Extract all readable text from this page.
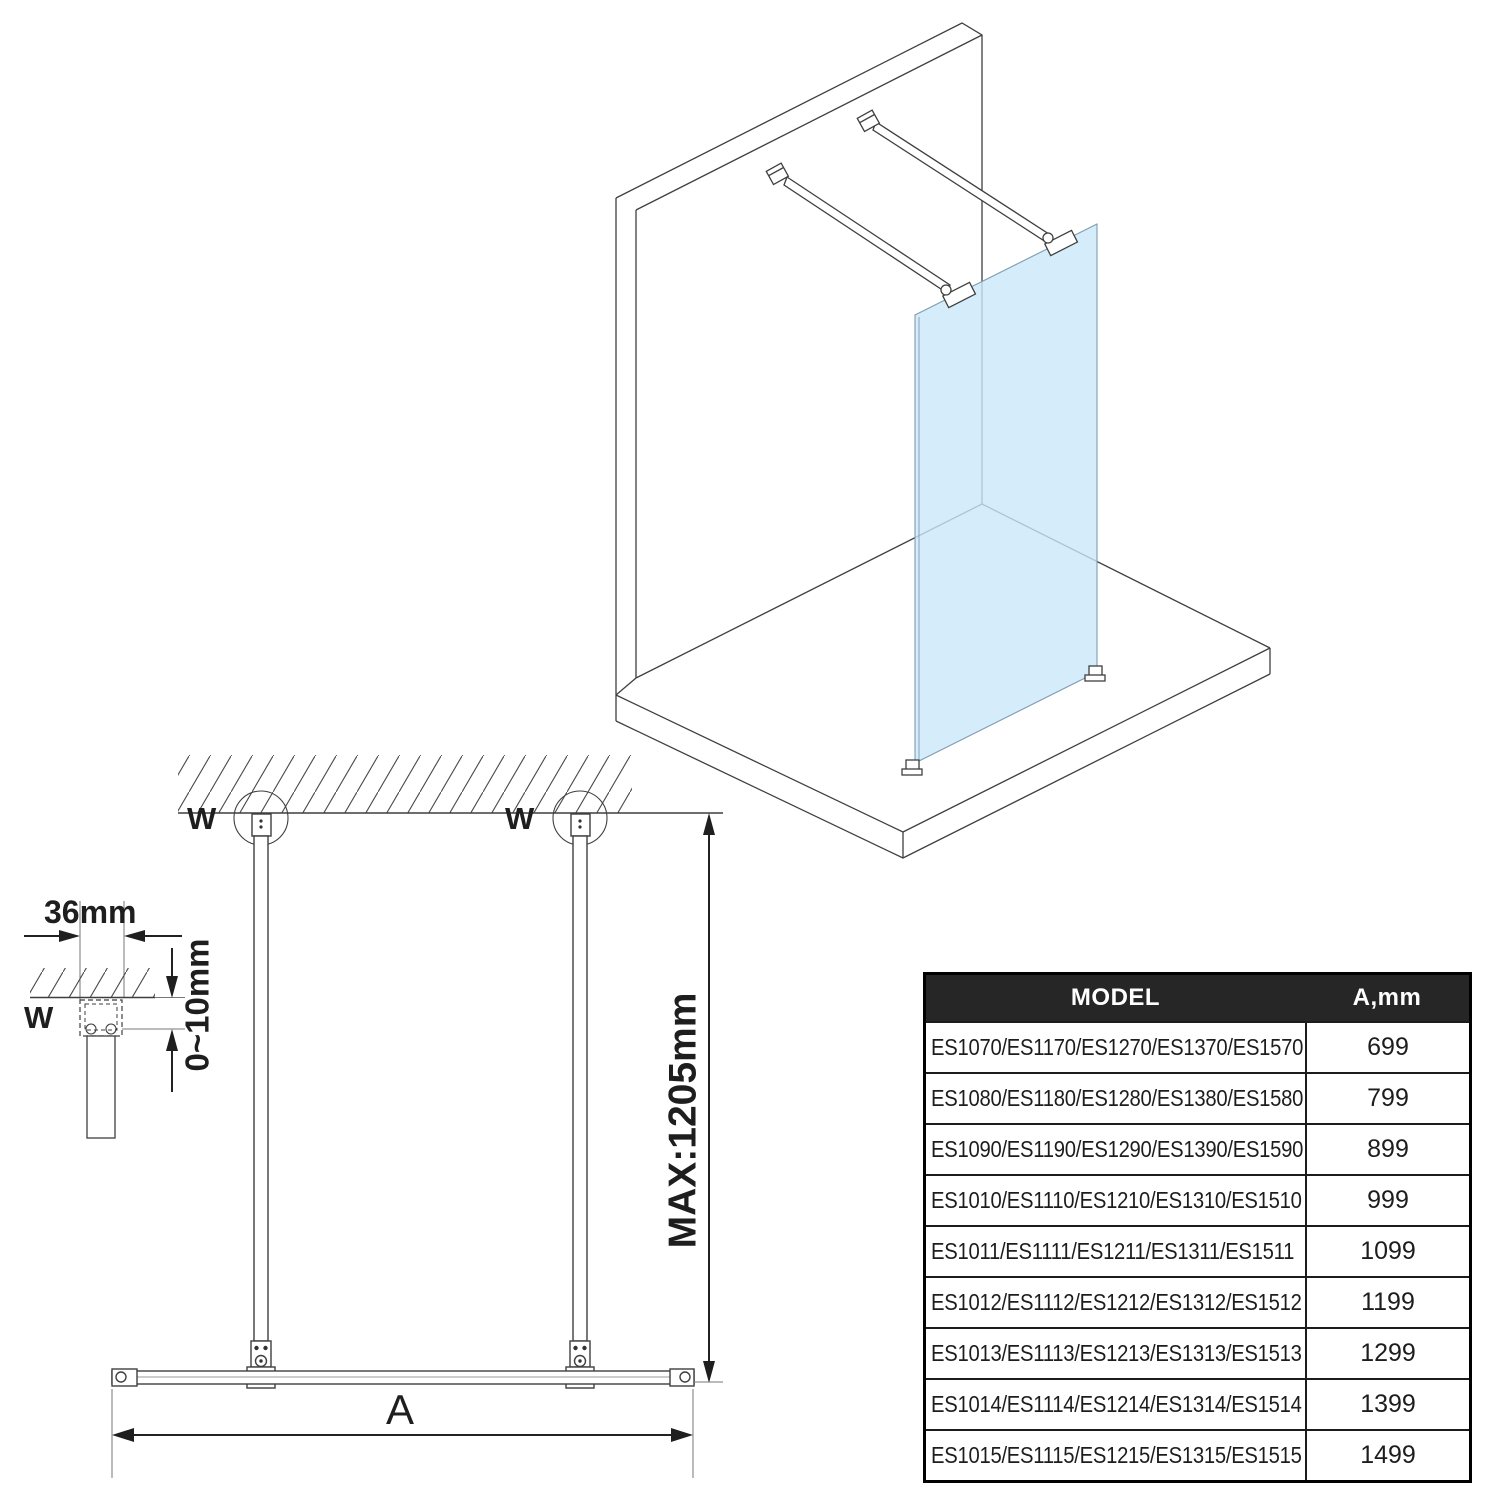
W	W
MAX:1205mm
A
36mm
0~10mm
W
MODEL	A,mm
ES1070/ES1170/ES1270/ES1370/ES1570	699
ES1080/ES1180/ES1280/ES1380/ES1580	799
ES1090/ES1190/ES1290/ES1390/ES1590	899
ES1010/ES1110/ES1210/ES1310/ES1510	999
ES1011/ES1111/ES1211/ES1311/ES1511	1099
ES1012/ES1112/ES1212/ES1312/ES1512	1199
ES1013/ES1113/ES1213/ES1313/ES1513	1299
ES1014/ES1114/ES1214/ES1314/ES1514	1399
ES1015/ES1115/ES1215/ES1315/ES1515	1499
